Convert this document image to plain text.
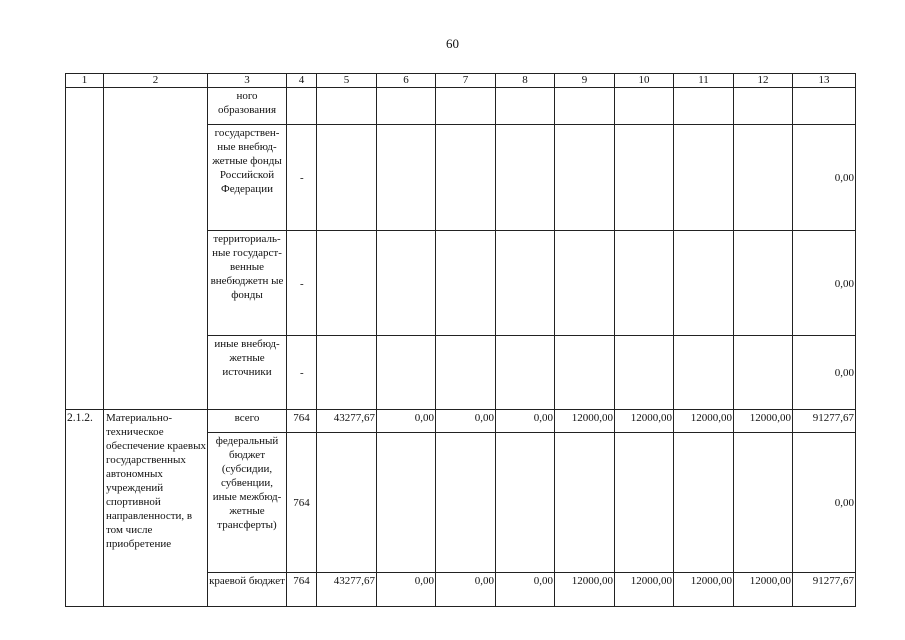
60
1	2	3	4	5	6	7	8	9	10	11	12	13
		ного образования										
		государствен-ные внебюд-жетные фонды Российской Федерации	-									0,00
		территориаль-ные государст-венные внебюджетн ые фонды	-									0,00
		иные внебюд-жетные источники	-									0,00
2.1.2.	Материально-техническое обеспечение краевых государственных автономных учреждений спортивной направленности, в том числе приобретение	всего	764	43277,67	0,00	0,00	0,00	12000,00	12000,00	12000,00	12000,00	91277,67
		федеральный бюджет (субсидии, субвенции, иные межбюд-жетные трансферты)	764									0,00
		краевой бюджет	764	43277,67	0,00	0,00	0,00	12000,00	12000,00	12000,00	12000,00	91277,67
